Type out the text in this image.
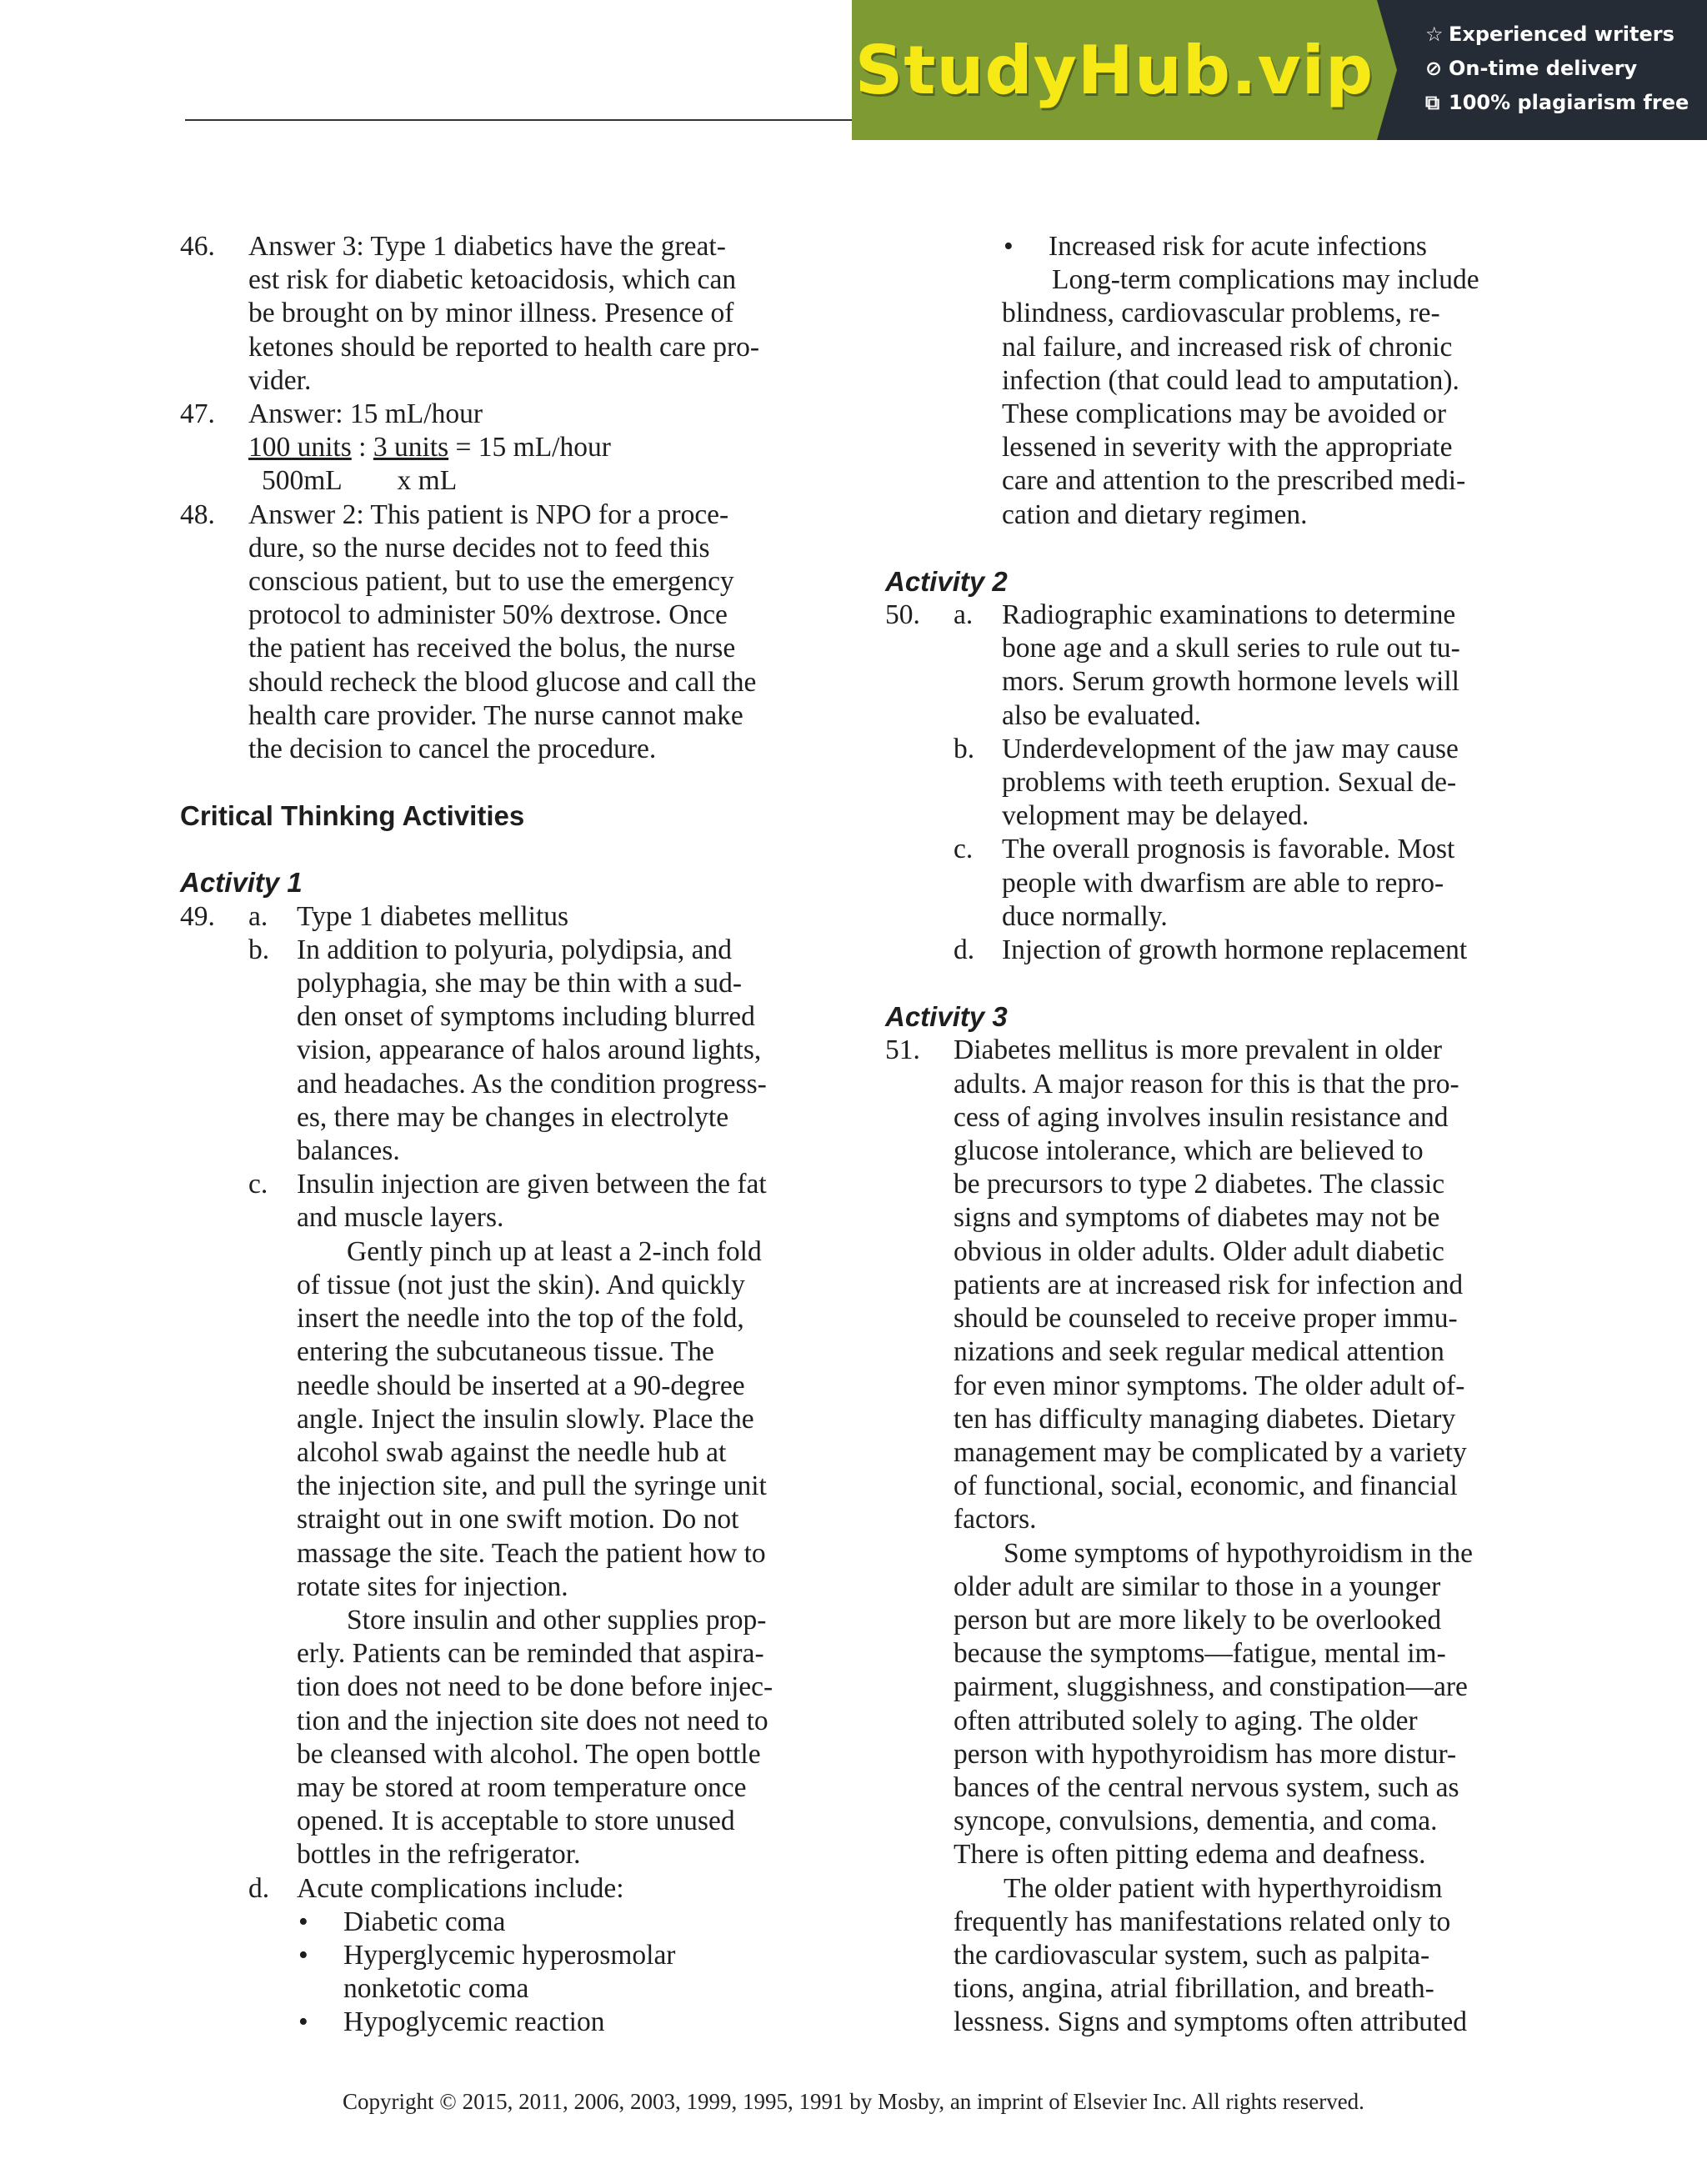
StudyHub.vip	☆ Experienced writers
⊘ On-time delivery
⧉ 100% plagiarism free
46.	Answer 3: Type 1 diabetics have the great-
est risk for diabetic ketoacidosis, which can
be brought on by minor illness. Presence of
ketones should be reported to health care pro-
vider.
47.	Answer: 15 mL/hour
100 units : 3 units = 15 mL/hour
500mL        x mL
48.	Answer 2: This patient is NPO for a proce-
dure, so the nurse decides not to feed this
conscious patient, but to use the emergency
protocol to administer 50% dextrose. Once
the patient has received the bolus, the nurse
should recheck the blood glucose and call the
health care provider. The nurse cannot make
the decision to cancel the procedure.
Critical Thinking Activities
Activity 1
49.	a.	Type 1 diabetes mellitus
b. In addition to polyuria, polydipsia, and
polyphagia, she may be thin with a sud-
den onset of symptoms including blurred
vision, appearance of halos around lights,
and headaches. As the condition progress-
es, there may be changes in electrolyte
balances.
c.	Insulin injection are given between the fat
and muscle layers.
Gently pinch up at least a 2-inch fold
of tissue (not just the skin). And quickly
insert the needle into the top of the fold,
entering the subcutaneous tissue. The
needle should be inserted at a 90-degree
angle. Inject the insulin slowly. Place the
alcohol swab against the needle hub at
the injection site, and pull the syringe unit
straight out in one swift motion. Do not
massage the site. Teach the patient how to
rotate sites for injection.
Store insulin and other supplies prop-
erly. Patients can be reminded that aspira-
tion does not need to be done before injec-
tion and the injection site does not need to
be cleansed with alcohol. The open bottle
may be stored at room temperature once
opened. It is acceptable to store unused
bottles in the refrigerator.
d. Acute complications include:
•	Diabetic coma
•	Hyperglycemic hyperosmolar
nonketotic coma
•	Hypoglycemic reaction
•	Increased risk for acute infections
Long-term complications may include
blindness, cardiovascular problems, re-
nal failure, and increased risk of chronic
infection (that could lead to amputation).
These complications may be avoided or
lessened in severity with the appropriate
care and attention to the prescribed medi-
cation and dietary regimen.
Activity 2
50.	a.	Radiographic examinations to determine
bone age and a skull series to rule out tu-
mors. Serum growth hormone levels will
also be evaluated.
b. Underdevelopment of the jaw may cause
problems with teeth eruption. Sexual de-
velopment may be delayed.
c.	The overall prognosis is favorable. Most
people with dwarfism are able to repro-
duce normally.
d. Injection of growth hormone replacement
Activity 3
51.	Diabetes mellitus is more prevalent in older
adults. A major reason for this is that the pro-
cess of aging involves insulin resistance and
glucose intolerance, which are believed to
be precursors to type 2 diabetes. The classic
signs and symptoms of diabetes may not be
obvious in older adults. Older adult diabetic
patients are at increased risk for infection and
should be counseled to receive proper immu-
nizations and seek regular medical attention
for even minor symptoms. The older adult of-
ten has difficulty managing diabetes. Dietary
management may be complicated by a variety
of functional, social, economic, and financial
factors.
Some symptoms of hypothyroidism in the
older adult are similar to those in a younger
person but are more likely to be overlooked
because the symptoms—fatigue, mental im-
pairment, sluggishness, and constipation—are
often attributed solely to aging. The older
person with hypothyroidism has more distur-
bances of the central nervous system, such as
syncope, convulsions, dementia, and coma.
There is often pitting edema and deafness.
The older patient with hyperthyroidism
frequently has manifestations related only to
the cardiovascular system, such as palpita-
tions, angina, atrial fibrillation, and breath-
lessness. Signs and symptoms often attributed
Copyright © 2015, 2011, 2006, 2003, 1999, 1995, 1991 by Mosby, an imprint of Elsevier Inc. All rights reserved.
